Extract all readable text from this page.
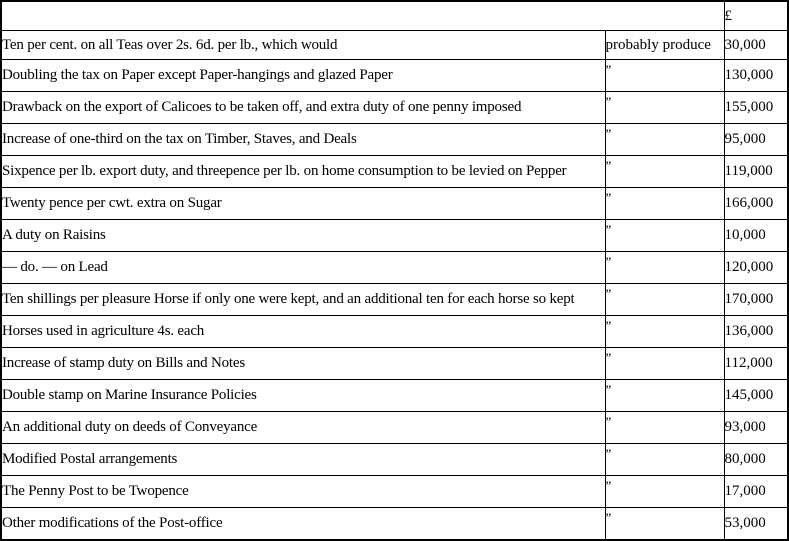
		£
Ten per cent. on all Teas over 2s. 6d. per lb., which would	probably produce	30,000
Doubling the tax on Paper except Paper-hangings and glazed Paper	”	130,000
Drawback on the export of Calicoes to be taken off, and extra duty of one penny imposed	”	155,000
Increase of one-third on the tax on Timber, Staves, and Deals	”	95,000
Sixpence per lb. export duty, and threepence per lb. on home consumption to be levied on Pepper	”	119,000
Twenty pence per cwt. extra on Sugar	”	166,000
A duty on Raisins	”	10,000
— do. — on Lead	”	120,000
Ten shillings per pleasure Horse if only one were kept, and an additional ten for each horse so kept	”	170,000
Horses used in agriculture 4s. each	”	136,000
Increase of stamp duty on Bills and Notes	”	112,000
Double stamp on Marine Insurance Policies	”	145,000
An additional duty on deeds of Conveyance	”	93,000
Modified Postal arrangements	”	80,000
The Penny Post to be Twopence	”	17,000
Other modifications of the Post-office	”	53,000
